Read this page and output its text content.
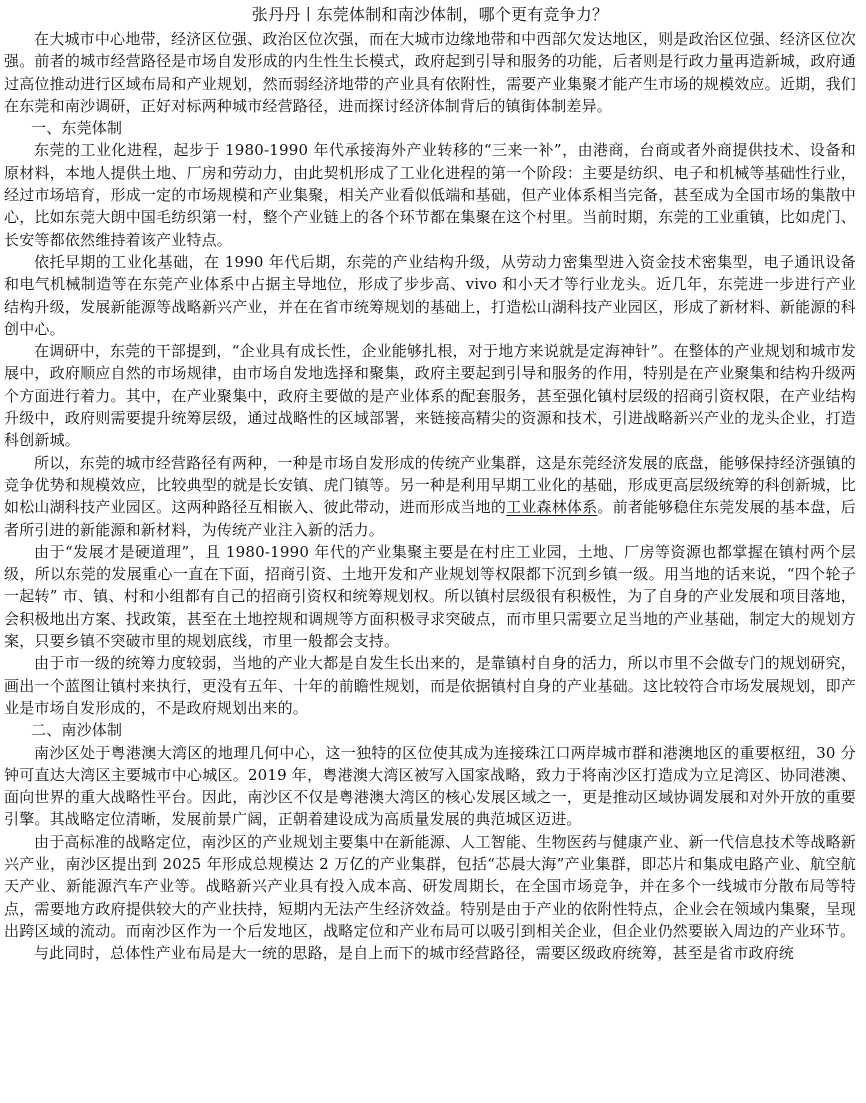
张丹丹丨东莞体制和南沙体制，哪个更有竞争力？

在大城市中心地带，经济区位强、政治区位次强，而在大城市边缘地带和中西部欠发达地区，则是政治区位强、经济区位次强。前者的城市经营路径是市场自发形成的内生性生长模式，政府起到引导和服务的功能，后者则是行政力量再造新城，政府通过高位推动进行区域布局和产业规划，然而弱经济地带的产业具有依附性，需要产业集聚才能产生市场的规模效应。近期，我们在东莞和南沙调研，正好对标两种城市经营路径，进而探讨经济体制背后的镇街体制差异。

一、东莞体制

东莞的工业化进程，起步于 1980-1990 年代承接海外产业转移的“三来一补”，由港商，台商或者外商提供技术、设备和原材料，本地人提供土地、厂房和劳动力，由此契机形成了工业化进程的第一个阶段：主要是纺织、电子和机械等基础性行业，经过市场培育，形成一定的市场规模和产业集聚，相关产业看似低端和基础，但产业体系相当完备，甚至成为全国市场的集散中心，比如东莞大朗中国毛纺织第一村，整个产业链上的各个环节都在集聚在这个村里。当前时期，东莞的工业重镇，比如虎门、长安等都依然维持着该产业特点。

依托早期的工业化基础，在 1990 年代后期，东莞的产业结构升级，从劳动力密集型进入资金技术密集型，电子通讯设备和电气机械制造等在东莞产业体系中占据主导地位，形成了步步高、vivo 和小天才等行业龙头。近几年，东莞进一步进行产业结构升级，发展新能源等战略新兴产业，并在在省市统筹规划的基础上，打造松山湖科技产业园区，形成了新材料、新能源的科创中心。

在调研中，东莞的干部提到，“企业具有成长性，企业能够扎根，对于地方来说就是定海神针”。在整体的产业规划和城市发展中，政府顺应自然的市场规律，由市场自发地选择和聚集，政府主要起到引导和服务的作用，特别是在产业聚集和结构升级两个方面进行着力。其中，在产业聚集中，政府主要做的是产业体系的配套服务，甚至强化镇村层级的招商引资权限，在产业结构升级中，政府则需要提升统筹层级，通过战略性的区域部署，来链接高精尖的资源和技术，引进战略新兴产业的龙头企业，打造科创新城。

所以，东莞的城市经营路径有两种，一种是市场自发形成的传统产业集群，这是东莞经济发展的底盘，能够保持经济强镇的竞争优势和规模效应，比较典型的就是长安镇、虎门镇等。另一种是利用早期工业化的基础，形成更高层级统筹的科创新城，比如松山湖科技产业园区。这两种路径互相嵌入、彼此带动，进而形成当地的工业森林体系。前者能够稳住东莞发展的基本盘，后者所引进的新能源和新材料，为传统产业注入新的活力。

由于“发展才是硬道理”，且 1980-1990 年代的产业集聚主要是在村庄工业园，土地、厂房等资源也都掌握在镇村两个层级，所以东莞的发展重心一直在下面，招商引资、土地开发和产业规划等权限都下沉到乡镇一级。用当地的话来说，“四个轮子一起转” 市、镇、村和小组都有自己的招商引资权和统筹规划权。所以镇村层级很有积极性，为了自身的产业发展和项目落地，会积极地出方案、找政策，甚至在土地控规和调规等方面积极寻求突破点，而市里只需要立足当地的产业基础，制定大的规划方案，只要乡镇不突破市里的规划底线，市里一般都会支持。

由于市一级的统筹力度较弱，当地的产业大都是自发生长出来的，是靠镇村自身的活力，所以市里不会做专门的规划研究，画出一个蓝图让镇村来执行，更没有五年、十年的前瞻性规划，而是依据镇村自身的产业基础。这比较符合市场发展规划，即产业是市场自发形成的，不是政府规划出来的。

二、南沙体制

南沙区处于粤港澳大湾区的地理几何中心，这一独特的区位使其成为连接珠江口两岸城市群和港澳地区的重要枢纽，30 分钟可直达大湾区主要城市中心城区。2019 年，粤港澳大湾区被写入国家战略，致力于将南沙区打造成为立足湾区、协同港澳、面向世界的重大战略性平台。因此，南沙区不仅是粤港澳大湾区的核心发展区域之一，更是推动区域协调发展和对外开放的重要引擎。其战略定位清晰，发展前景广阔，正朝着建设成为高质量发展的典范城区迈进。

由于高标准的战略定位，南沙区的产业规划主要集中在新能源、人工智能、生物医药与健康产业、新一代信息技术等战略新兴产业，南沙区提出到 2025 年形成总规模达 2 万亿的产业集群，包括“芯晨大海”产业集群，即芯片和集成电路产业、航空航天产业、新能源汽车产业等。战略新兴产业具有投入成本高、研发周期长，在全国市场竞争，并在多个一线城市分散布局等特点，需要地方政府提供较大的产业扶持，短期内无法产生经济效益。特别是由于产业的依附性特点，企业会在领域内集聚，呈现出跨区域的流动。而南沙区作为一个后发地区，战略定位和产业布局可以吸引到相关企业，但企业仍然要嵌入周边的产业环节。

与此同时，总体性产业布局是大一统的思路，是自上而下的城市经营路径，需要区级政府统筹，甚至是省市政府统
